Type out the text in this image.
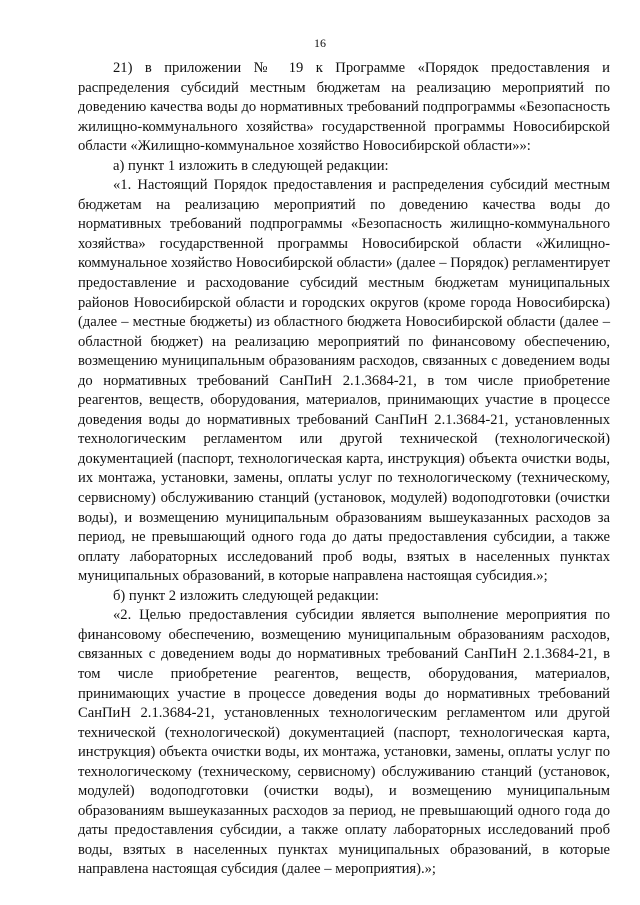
16

21) в приложении № 19 к Программе «Порядок предоставления и распределения субсидий местным бюджетам на реализацию мероприятий по доведению качества воды до нормативных требований подпрограммы «Безопасность жилищно-коммунального хозяйства» государственной программы Новосибирской области «Жилищно-коммунальное хозяйство Новосибирской области»»:

а) пункт 1 изложить в следующей редакции:

«1. Настоящий Порядок предоставления и распределения субсидий местным бюджетам на реализацию мероприятий по доведению качества воды до нормативных требований подпрограммы «Безопасность жилищно-коммунального хозяйства» государственной программы Новосибирской области «Жилищно-коммунальное хозяйство Новосибирской области» (далее – Порядок) регламентирует предоставление и расходование субсидий местным бюджетам муниципальных районов Новосибирской области и городских округов (кроме города Новосибирска) (далее – местные бюджеты) из областного бюджета Новосибирской области (далее – областной бюджет) на реализацию мероприятий по финансовому обеспечению, возмещению муниципальным образованиям расходов, связанных с доведением воды до нормативных требований СанПиН 2.1.3684-21, в том числе приобретение реагентов, веществ, оборудования, материалов, принимающих участие в процессе доведения воды до нормативных требований СанПиН 2.1.3684-21, установленных технологическим регламентом или другой технической (технологической) документацией (паспорт, технологическая карта, инструкция) объекта очистки воды, их монтажа, установки, замены, оплаты услуг по технологическому (техническому, сервисному) обслуживанию станций (установок, модулей) водоподготовки (очистки воды), и возмещению муниципальным образованиям вышеуказанных расходов за период, не превышающий одного года до даты предоставления субсидии, а также оплату лабораторных исследований проб воды, взятых в населенных пунктах муниципальных образований, в которые направлена настоящая субсидия.»;

б) пункт 2 изложить следующей редакции:

«2. Целью предоставления субсидии является выполнение мероприятия по финансовому обеспечению, возмещению муниципальным образованиям расходов, связанных с доведением воды до нормативных требований СанПиН 2.1.3684-21, в том числе приобретение реагентов, веществ, оборудования, материалов, принимающих участие в процессе доведения воды до нормативных требований СанПиН 2.1.3684-21, установленных технологическим регламентом или другой технической (технологической) документацией (паспорт, технологическая карта, инструкция) объекта очистки воды, их монтажа, установки, замены, оплаты услуг по технологическому (техническому, сервисному) обслуживанию станций (установок, модулей) водоподготовки (очистки воды), и возмещению муниципальным образованиям вышеуказанных расходов за период, не превышающий одного года до даты предоставления субсидии, а также оплату лабораторных исследований проб воды, взятых в населенных пунктах муниципальных образований, в которые направлена настоящая субсидия (далее – мероприятия).»;
